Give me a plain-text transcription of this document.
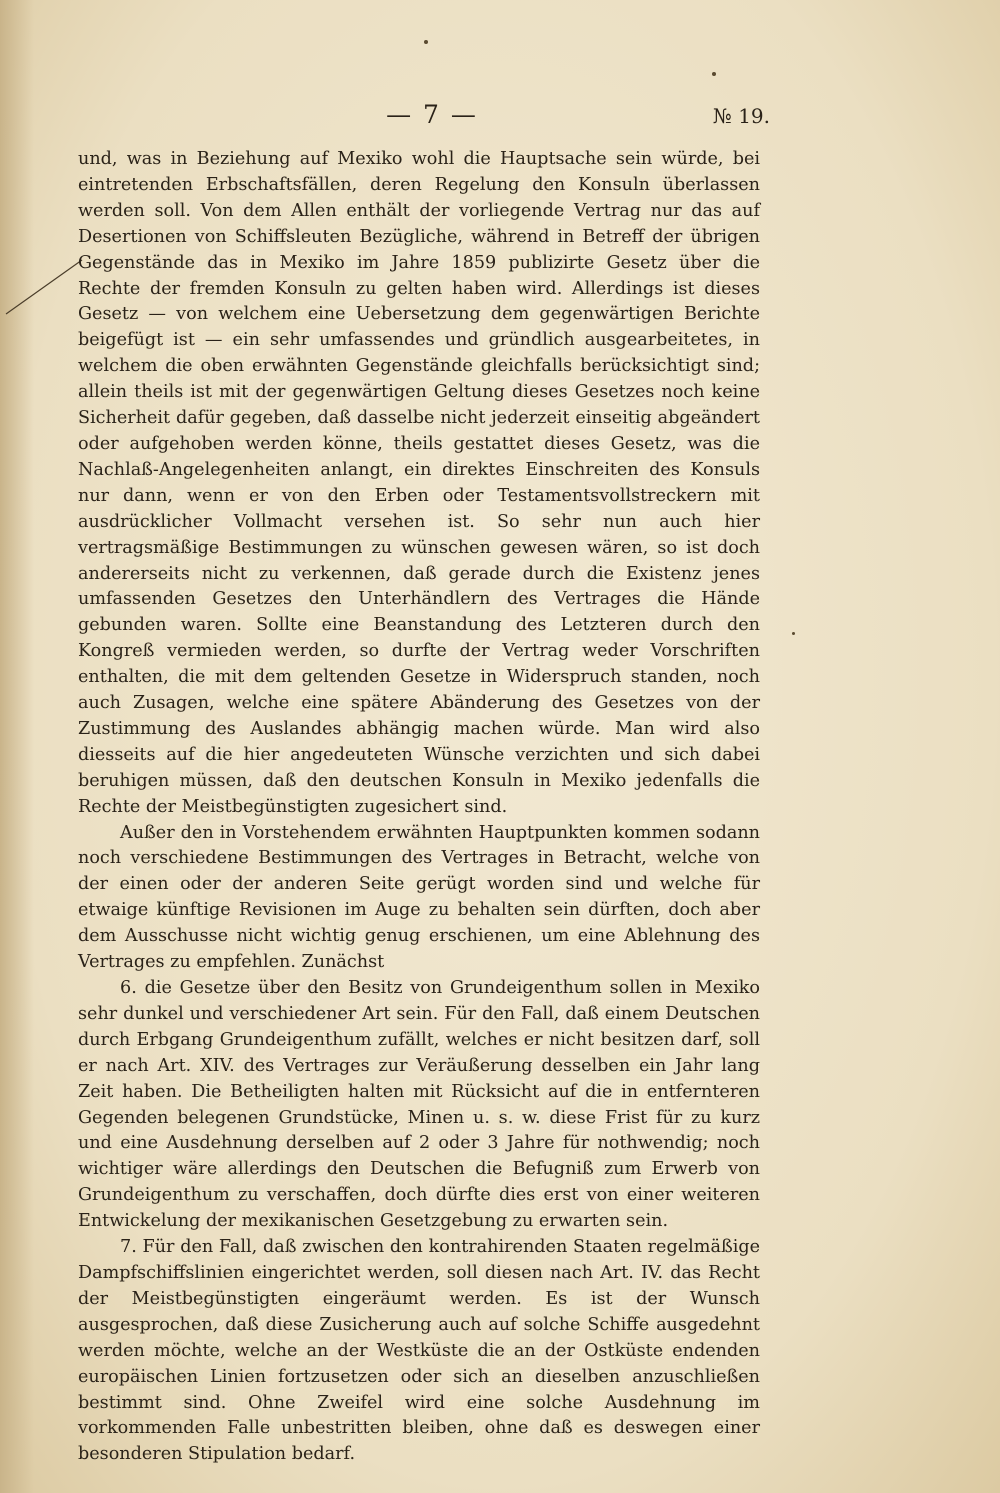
— 7 —	№ 19.

und, was in Beziehung auf Mexiko wohl die Hauptsache sein würde, bei eintretenden Erbschaftsfällen, deren Regelung den Konsuln überlassen werden soll. Von dem Allen enthält der vorliegende Vertrag nur das auf Desertionen von Schiffsleuten Bezügliche, während in Betreff der übrigen Gegenstände das in Mexiko im Jahre 1859 publizirte Gesetz über die Rechte der fremden Konsuln zu gelten haben wird. Allerdings ist dieses Gesetz — von welchem eine Uebersetzung dem gegenwärtigen Berichte beigefügt ist — ein sehr umfassendes und gründlich ausgearbeitetes, in welchem die oben erwähnten Gegenstände gleichfalls berücksichtigt sind; allein theils ist mit der gegenwärtigen Geltung dieses Gesetzes noch keine Sicherheit dafür gegeben, daß dasselbe nicht jederzeit einseitig abgeändert oder aufgehoben werden könne, theils gestattet dieses Gesetz, was die Nachlaß-Angelegenheiten anlangt, ein direktes Einschreiten des Konsuls nur dann, wenn er von den Erben oder Testamentsvollstreckern mit ausdrücklicher Vollmacht versehen ist. So sehr nun auch hier vertragsmäßige Bestimmungen zu wünschen gewesen wären, so ist doch andererseits nicht zu verkennen, daß gerade durch die Existenz jenes umfassenden Gesetzes den Unterhändlern des Vertrages die Hände gebunden waren. Sollte eine Beanstandung des Letzteren durch den Kongreß vermieden werden, so durfte der Vertrag weder Vorschriften enthalten, die mit dem geltenden Gesetze in Widerspruch standen, noch auch Zusagen, welche eine spätere Abänderung des Gesetzes von der Zustimmung des Auslandes abhängig machen würde. Man wird also diesseits auf die hier angedeuteten Wünsche verzichten und sich dabei beruhigen müssen, daß den deutschen Konsuln in Mexiko jedenfalls die Rechte der Meistbegünstigten zugesichert sind.

Außer den in Vorstehendem erwähnten Hauptpunkten kommen sodann noch verschiedene Bestimmungen des Vertrages in Betracht, welche von der einen oder der anderen Seite gerügt worden sind und welche für etwaige künftige Revisionen im Auge zu behalten sein dürften, doch aber dem Ausschusse nicht wichtig genug erschienen, um eine Ablehnung des Vertrages zu empfehlen. Zunächst

6. die Gesetze über den Besitz von Grundeigenthum sollen in Mexiko sehr dunkel und verschiedener Art sein. Für den Fall, daß einem Deutschen durch Erbgang Grundeigenthum zufällt, welches er nicht besitzen darf, soll er nach Art. XIV. des Vertrages zur Veräußerung desselben ein Jahr lang Zeit haben. Die Betheiligten halten mit Rücksicht auf die in entfernteren Gegenden belegenen Grundstücke, Minen u. s. w. diese Frist für zu kurz und eine Ausdehnung derselben auf 2 oder 3 Jahre für nothwendig; noch wichtiger wäre allerdings den Deutschen die Befugniß zum Erwerb von Grundeigenthum zu verschaffen, doch dürfte dies erst von einer weiteren Entwickelung der mexikanischen Gesetzgebung zu erwarten sein.

7. Für den Fall, daß zwischen den kontrahirenden Staaten regelmäßige Dampfschiffslinien eingerichtet werden, soll diesen nach Art. IV. das Recht der Meistbegünstigten eingeräumt werden. Es ist der Wunsch ausgesprochen, daß diese Zusicherung auch auf solche Schiffe ausgedehnt werden möchte, welche an der Westküste die an der Ostküste endenden europäischen Linien fortzusetzen oder sich an dieselben anzuschließen bestimmt sind. Ohne Zweifel wird eine solche Ausdehnung im vorkommenden Falle unbestritten bleiben, ohne daß es deswegen einer besonderen Stipulation bedarf.
